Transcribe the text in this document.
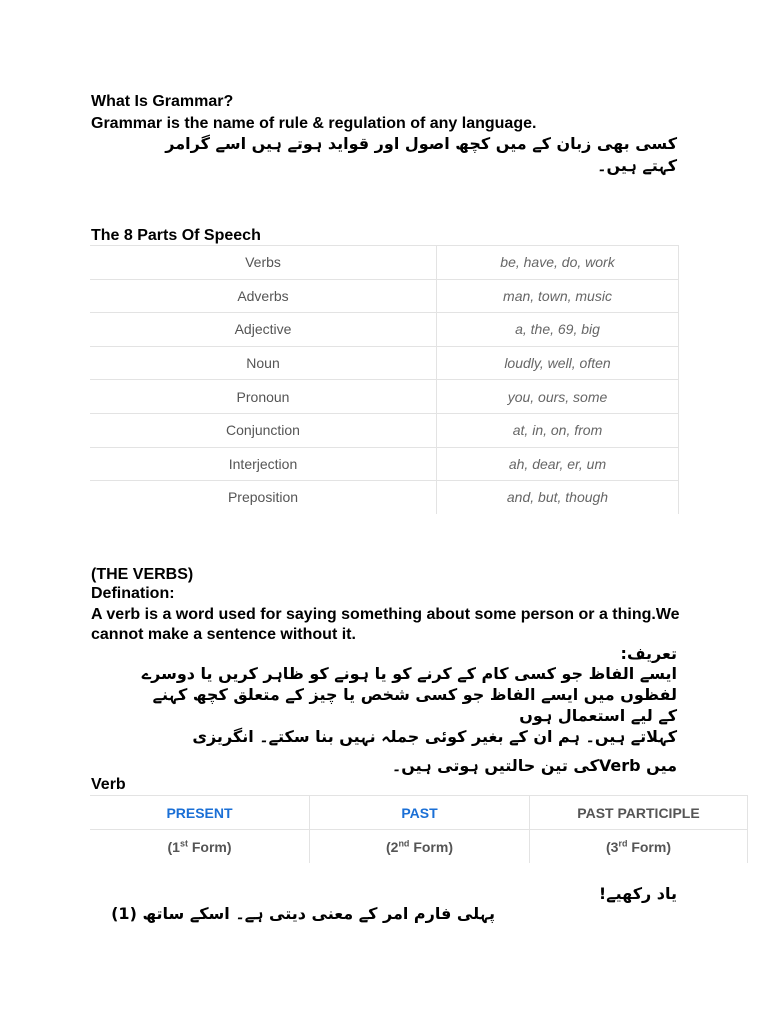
What Is Grammar?
Grammar is the name of rule & regulation of any language.
کسی بھی زبان کے میں کچھ اصول اور قواید ہوتے ہیں اسے گرامر
کہتے ہیں۔
The 8 Parts Of Speech
Verbs	be, have, do, work
Adverbs	man, town, music
Adjective	a, the, 69, big
Noun	loudly, well, often
Pronoun	you, ours, some
Conjunction	at, in, on, from
Interjection	ah, dear, er, um
Preposition	and, but, though
(THE VERBS)
Defination:
A verb is a word used for saying something about some person or a thing.We cannot make a sentence without it.
تعریف:
ایسے الفاظ جو کسی کام کے کرنے کو یا ہونے کو ظاہر کریں یا دوسرے
لفظوں میں ایسے الفاظ جو کسی شخص یا چیز کے متعلق کچھ کہنے
کے لیے استعمال ہوں
کہلاتے ہیں۔ ہم ان کے بغیر کوئی جملہ نہیں بنا سکتے۔ انگریزی
میں Verbکی تین حالتیں ہوتی ہیں۔
Verb
PRESENT	PAST	PAST PARTICIPLE
(1st Form)	(2nd Form)	(3rd Form)
یاد رکھیے!
پہلی فارم امر کے معنی دیتی ہے۔ اسکے ساتھ (1)
